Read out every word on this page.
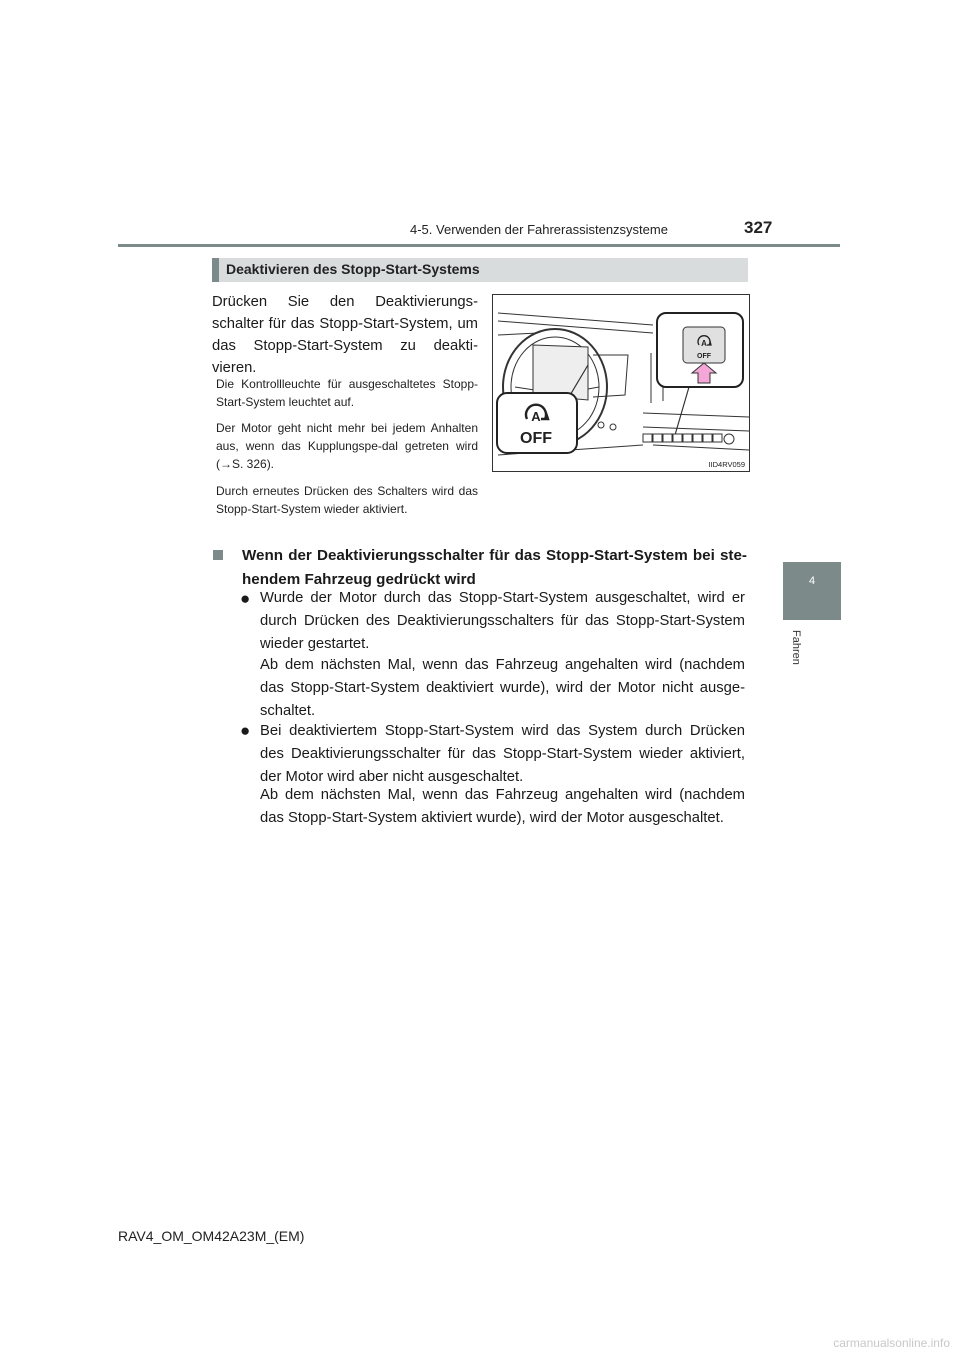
4-5. Verwenden der Fahrerassistenzsysteme	327
4
Fahren
Deaktivieren des Stopp-Start-Systems

Drücken Sie den Deaktivierungs-schalter für das Stopp-Start-System, um das Stopp-Start-System zu deakti-vieren.

Die Kontrollleuchte für ausgeschaltetes Stopp-Start-System leuchtet auf.

Der Motor geht nicht mehr bei jedem Anhalten aus, wenn das Kupplungspe-dal getreten wird (→S. 326).

Durch erneutes Drücken des Schalters wird das Stopp-Start-System wieder aktiviert.

A
OFF
A
OFF
IID4RV059

Wenn der Deaktivierungsschalter für das Stopp-Start-System bei ste-hendem Fahrzeug gedrückt wird

● Wurde der Motor durch das Stopp-Start-System ausgeschaltet, wird er durch Drücken des Deaktivierungsschalters für das Stopp-Start-System wieder gestartet.

Ab dem nächsten Mal, wenn das Fahrzeug angehalten wird (nachdem das Stopp-Start-System deaktiviert wurde), wird der Motor nicht ausge-schaltet.

● Bei deaktiviertem Stopp-Start-System wird das System durch Drücken des Deaktivierungsschalter für das Stopp-Start-System wieder aktiviert, der Motor wird aber nicht ausgeschaltet.

Ab dem nächsten Mal, wenn das Fahrzeug angehalten wird (nachdem das Stopp-Start-System aktiviert wurde), wird der Motor ausgeschaltet.

RAV4_OM_OM42A23M_(EM)
carmanualsonline.info
